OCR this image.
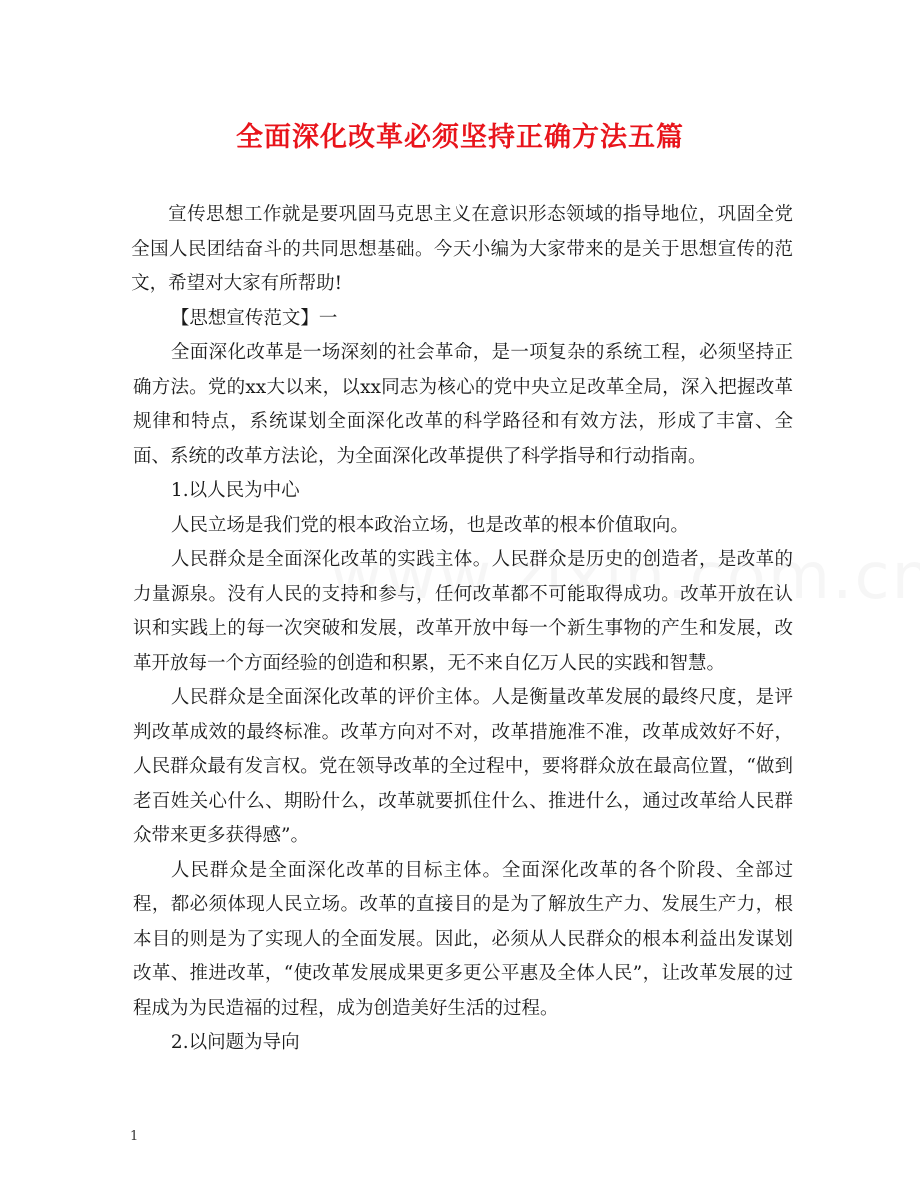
全面深化改革必须坚持正确方法五篇

宣传思想工作就是要巩固马克思主义在意识形态领域的指导地位，巩固全党全国人民团结奋斗的共同思想基础。今天小编为大家带来的是关于思想宣传的范文，希望对大家有所帮助!

【思想宣传范文】一

全面深化改革是一场深刻的社会革命，是一项复杂的系统工程，必须坚持正确方法。党的xx大以来，以xx同志为核心的党中央立足改革全局，深入把握改革规律和特点，系统谋划全面深化改革的科学路径和有效方法，形成了丰富、全面、系统的改革方法论，为全面深化改革提供了科学指导和行动指南。

1.以人民为中心

人民立场是我们党的根本政治立场，也是改革的根本价值取向。

人民群众是全面深化改革的实践主体。人民群众是历史的创造者，是改革的力量源泉。没有人民的支持和参与，任何改革都不可能取得成功。改革开放在认识和实践上的每一次突破和发展，改革开放中每一个新生事物的产生和发展，改革开放每一个方面经验的创造和积累，无不来自亿万人民的实践和智慧。

人民群众是全面深化改革的评价主体。人是衡量改革发展的最终尺度，是评判改革成效的最终标准。改革方向对不对，改革措施准不准，改革成效好不好，人民群众最有发言权。党在领导改革的全过程中，要将群众放在最高位置，“做到老百姓关心什么、期盼什么，改革就要抓住什么、推进什么，通过改革给人民群众带来更多获得感”。

人民群众是全面深化改革的目标主体。全面深化改革的各个阶段、全部过程，都必须体现人民立场。改革的直接目的是为了解放生产力、发展生产力，根本目的则是为了实现人的全面发展。因此，必须从人民群众的根本利益出发谋划改革、推进改革，“使改革发展成果更多更公平惠及全体人民”，让改革发展的过程成为为民造福的过程，成为创造美好生活的过程。

2.以问题为导向

1
